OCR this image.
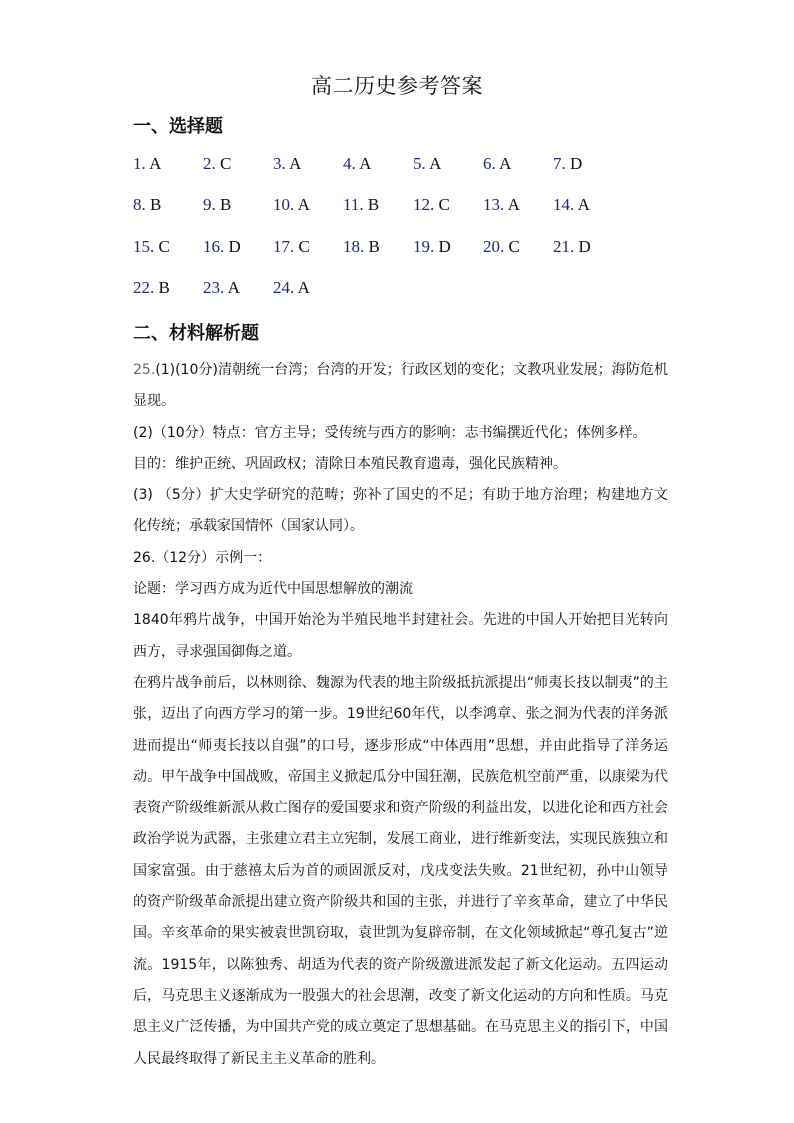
高二历史参考答案
一、选择题
1. A 2. C 3. A 4. A 5. A 6. A 7. D
8. B 9. B 10. A 11. B 12. C 13. A 14. A
15. C 16. D 17. C 18. B 19. D 20. C 21. D
22. B 23. A 24. A
二、材料解析题

25.(1)(10分)清朝统一台湾；台湾的开发；行政区划的变化；文教巩业发展；海防危机显现。

(2)（10分）特点：官方主导；受传统与西方的影响：志书编撰近代化；体例多样。

目的：维护正统、巩固政权；清除日本殖民教育遗毒，强化民族精神。

(3) （5分）扩大史学研究的范畴；弥补了国史的不足；有助于地方治理；构建地方文化传统；承载家国情怀（国家认同）。

26.（12分）示例一：

论题：学习西方成为近代中国思想解放的潮流

1840年鸦片战争，中国开始沦为半殖民地半封建社会。先进的中国人开始把目光转向西方，寻求强国御侮之道。

在鸦片战争前后，以林则徐、魏源为代表的地主阶级抵抗派提出“师夷长技以制夷”的主张，迈出了向西方学习的第一步。19世纪60年代，以李鸿章、张之洞为代表的洋务派进而提出“师夷长技以自强”的口号，逐步形成“中体西用”思想，并由此指导了洋务运动。甲午战争中国战败，帝国主义掀起瓜分中国狂潮，民族危机空前严重，以康梁为代表资产阶级维新派从救亡图存的爱国要求和资产阶级的利益出发，以进化论和西方社会政治学说为武器，主张建立君主立宪制，发展工商业，进行维新变法，实现民族独立和国家富强。由于慈禧太后为首的顽固派反对，戊戌变法失败。21世纪初，孙中山领导的资产阶级革命派提出建立资产阶级共和国的主张，并进行了辛亥革命，建立了中华民国。辛亥革命的果实被袁世凯窃取，袁世凯为复辟帝制，在文化领域掀起“尊孔复古”逆流。1915年，以陈独秀、胡适为代表的资产阶级激进派发起了新文化运动。五四运动后，马克思主义逐渐成为一股强大的社会思潮，改变了新文化运动的方向和性质。马克思主义广泛传播，为中国共产党的成立奠定了思想基础。在马克思主义的指引下，中国人民最终取得了新民主主义革命的胜利。
